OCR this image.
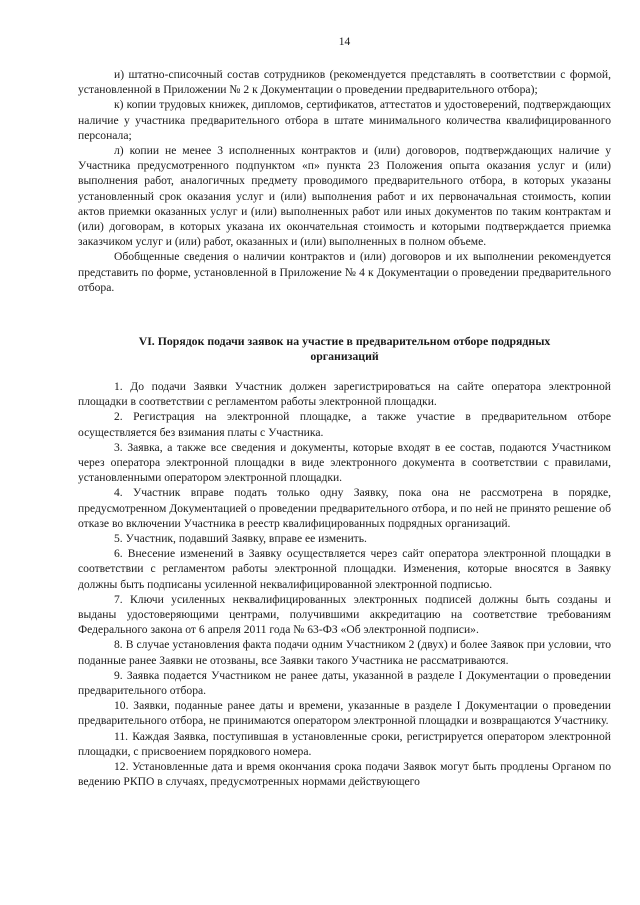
14

и) штатно-списочный состав сотрудников (рекомендуется представлять в соответствии с формой, установленной в Приложении № 2 к Документации о проведении предварительного отбора);

к) копии трудовых книжек, дипломов, сертификатов, аттестатов и удостоверений, подтверждающих наличие у участника предварительного отбора в штате минимального количества квалифицированного персонала;

л) копии не менее 3 исполненных контрактов и (или) договоров, подтверждающих наличие у Участника предусмотренного подпунктом «п» пункта 23 Положения опыта оказания услуг и (или) выполнения работ, аналогичных предмету проводимого предварительного отбора, в которых указаны установленный срок оказания услуг и (или) выполнения работ и их первоначальная стоимость, копии актов приемки оказанных услуг и (или) выполненных работ или иных документов по таким контрактам и (или) договорам, в которых указана их окончательная стоимость и которыми подтверждается приемка заказчиком услуг и (или) работ, оказанных и (или) выполненных в полном объеме.

Обобщенные сведения о наличии контрактов и (или) договоров и их выполнении рекомендуется представить по форме, установленной в Приложение № 4 к Документации о проведении предварительного отбора.

VI. Порядок подачи заявок на участие в предварительном отборе подрядных организаций

1. До подачи Заявки Участник должен зарегистрироваться на сайте оператора электронной площадки в соответствии с регламентом работы электронной площадки.

2. Регистрация на электронной площадке, а также участие в предварительном отборе осуществляется без взимания платы с Участника.

3. Заявка, а также все сведения и документы, которые входят в ее состав, подаются Участником через оператора электронной площадки в виде электронного документа в соответствии с правилами, установленными оператором электронной площадки.

4. Участник вправе подать только одну Заявку, пока она не рассмотрена в порядке, предусмотренном Документацией о проведении предварительного отбора, и по ней не принято решение об отказе во включении Участника в реестр квалифицированных подрядных организаций.

5. Участник, подавший Заявку, вправе ее изменить.

6. Внесение изменений в Заявку осуществляется через сайт оператора электронной площадки в соответствии с регламентом работы электронной площадки. Изменения, которые вносятся в Заявку должны быть подписаны усиленной неквалифицированной электронной подписью.

7. Ключи усиленных неквалифицированных электронных подписей должны быть созданы и выданы удостоверяющими центрами, получившими аккредитацию на соответствие требованиям Федерального закона от 6 апреля 2011 года № 63-ФЗ «Об электронной подписи».

8. В случае установления факта подачи одним Участником 2 (двух) и более Заявок при условии, что поданные ранее Заявки не отозваны, все Заявки такого Участника не рассматриваются.

9. Заявка подается Участником не ранее даты, указанной в разделе I Документации о проведении предварительного отбора.

10. Заявки, поданные ранее даты и времени, указанные в разделе I Документации о проведении предварительного отбора, не принимаются оператором электронной площадки и возвращаются Участнику.

11. Каждая Заявка, поступившая в установленные сроки, регистрируется оператором электронной площадки, с присвоением порядкового номера.

12. Установленные дата и время окончания срока подачи Заявок могут быть продлены Органом по ведению РКПО в случаях, предусмотренных нормами действующего
